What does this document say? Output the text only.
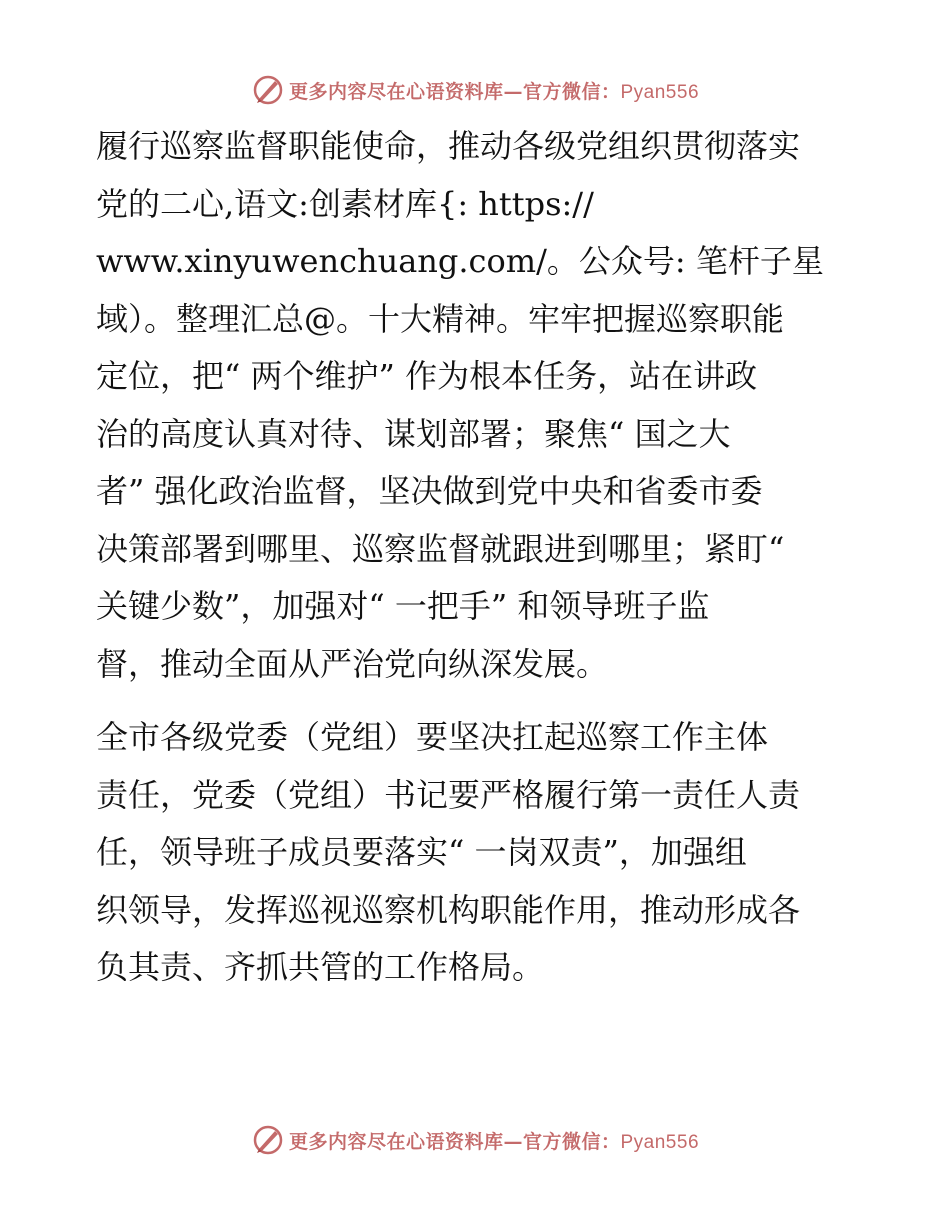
更多内容尽在心语资料库—官方微信：Pyan556

履行巡察监督职能使命，推动各级党组织贯彻落实
党的二心,语文:创素材库{: https://
www.xinyuwenchuang.com/。公众号: 笔杆子星
域）。整理汇总@。十大精神。牢牢把握巡察职能
定位，把“ 两个维护” 作为根本任务，站在讲政
治的高度认真对待、谋划部署；聚焦“ 国之大
者” 强化政治监督，坚决做到党中央和省委市委
决策部署到哪里、巡察监督就跟进到哪里；紧盯“
关键少数”，加强对“ 一把手” 和领导班子监
督，推动全面从严治党向纵深发展。

全市各级党委（党组）要坚决扛起巡察工作主体
责任，党委（党组）书记要严格履行第一责任人责
任，领导班子成员要落实“ 一岗双责”，加强组
织领导，发挥巡视巡察机构职能作用，推动形成各
负其责、齐抓共管的工作格局。

更多内容尽在心语资料库—官方微信：Pyan556
